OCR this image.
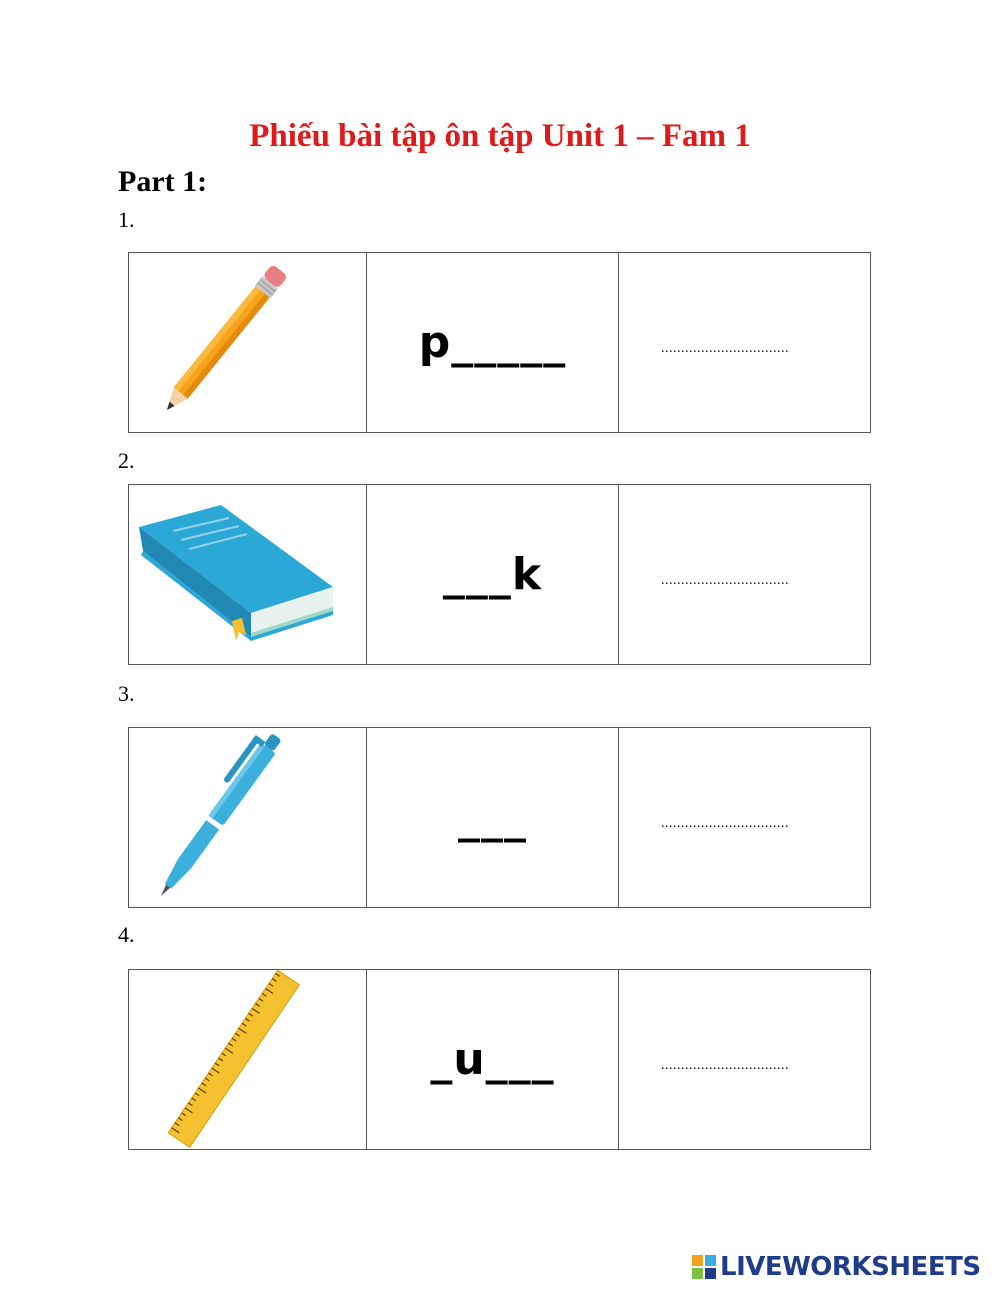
Phiếu bài tập ôn tập Unit 1 – Fam 1
Part 1:
1.
p_____	................................
2.
___k	................................
3.
___	................................
4.
_u___	................................
LIVEWORKSHEETS
